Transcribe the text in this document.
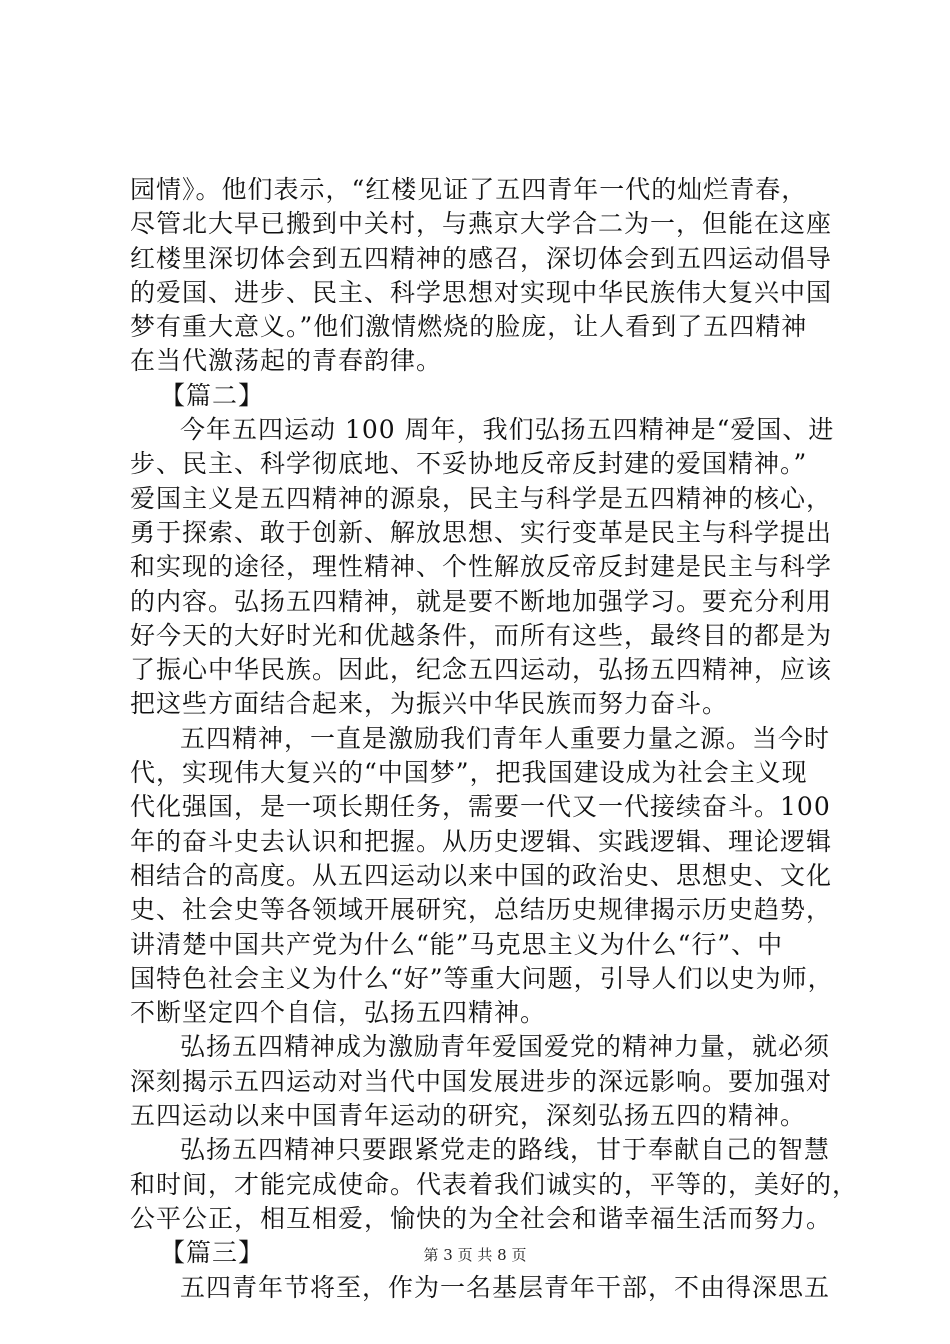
园情》。他们表示，“红楼见证了五四青年一代的灿烂青春，
尽管北大早已搬到中关村，与燕京大学合二为一，但能在这座
红楼里深切体会到五四精神的感召，深切体会到五四运动倡导
的爱国、进步、民主、科学思想对实现中华民族伟大复兴中国
梦有重大意义。”他们激情燃烧的脸庞，让人看到了五四精神
在当代激荡起的青春韵律。
【篇二】
今年五四运动 100 周年，我们弘扬五四精神是“爱国、进
步、民主、科学彻底地、不妥协地反帝反封建的爱国精神。”
爱国主义是五四精神的源泉，民主与科学是五四精神的核心，
勇于探索、敢于创新、解放思想、实行变革是民主与科学提出
和实现的途径，理性精神、个性解放反帝反封建是民主与科学
的内容。弘扬五四精神，就是要不断地加强学习。要充分利用
好今天的大好时光和优越条件，而所有这些，最终目的都是为
了振心中华民族。因此，纪念五四运动，弘扬五四精神，应该
把这些方面结合起来，为振兴中华民族而努力奋斗。
五四精神，一直是激励我们青年人重要力量之源。当今时
代，实现伟大复兴的“中国梦”，把我国建设成为社会主义现
代化强国，是一项长期任务，需要一代又一代接续奋斗。100
年的奋斗史去认识和把握。从历史逻辑、实践逻辑、理论逻辑
相结合的高度。从五四运动以来中国的政治史、思想史、文化
史、社会史等各领域开展研究，总结历史规律揭示历史趋势，
讲清楚中国共产党为什么“能”马克思主义为什么“行”、中
国特色社会主义为什么“好”等重大问题，引导人们以史为师，
不断坚定四个自信，弘扬五四精神。
弘扬五四精神成为激励青年爱国爱党的精神力量，就必须
深刻揭示五四运动对当代中国发展进步的深远影响。要加强对
五四运动以来中国青年运动的研究，深刻弘扬五四的精神。
弘扬五四精神只要跟紧党走的路线，甘于奉献自己的智慧
和时间，才能完成使命。代表着我们诚实的，平等的，美好的，
公平公正，相互相爱，愉快的为全社会和谐幸福生活而努力。
【篇三】
五四青年节将至，作为一名基层青年干部，不由得深思五
第 3 页 共 8 页
